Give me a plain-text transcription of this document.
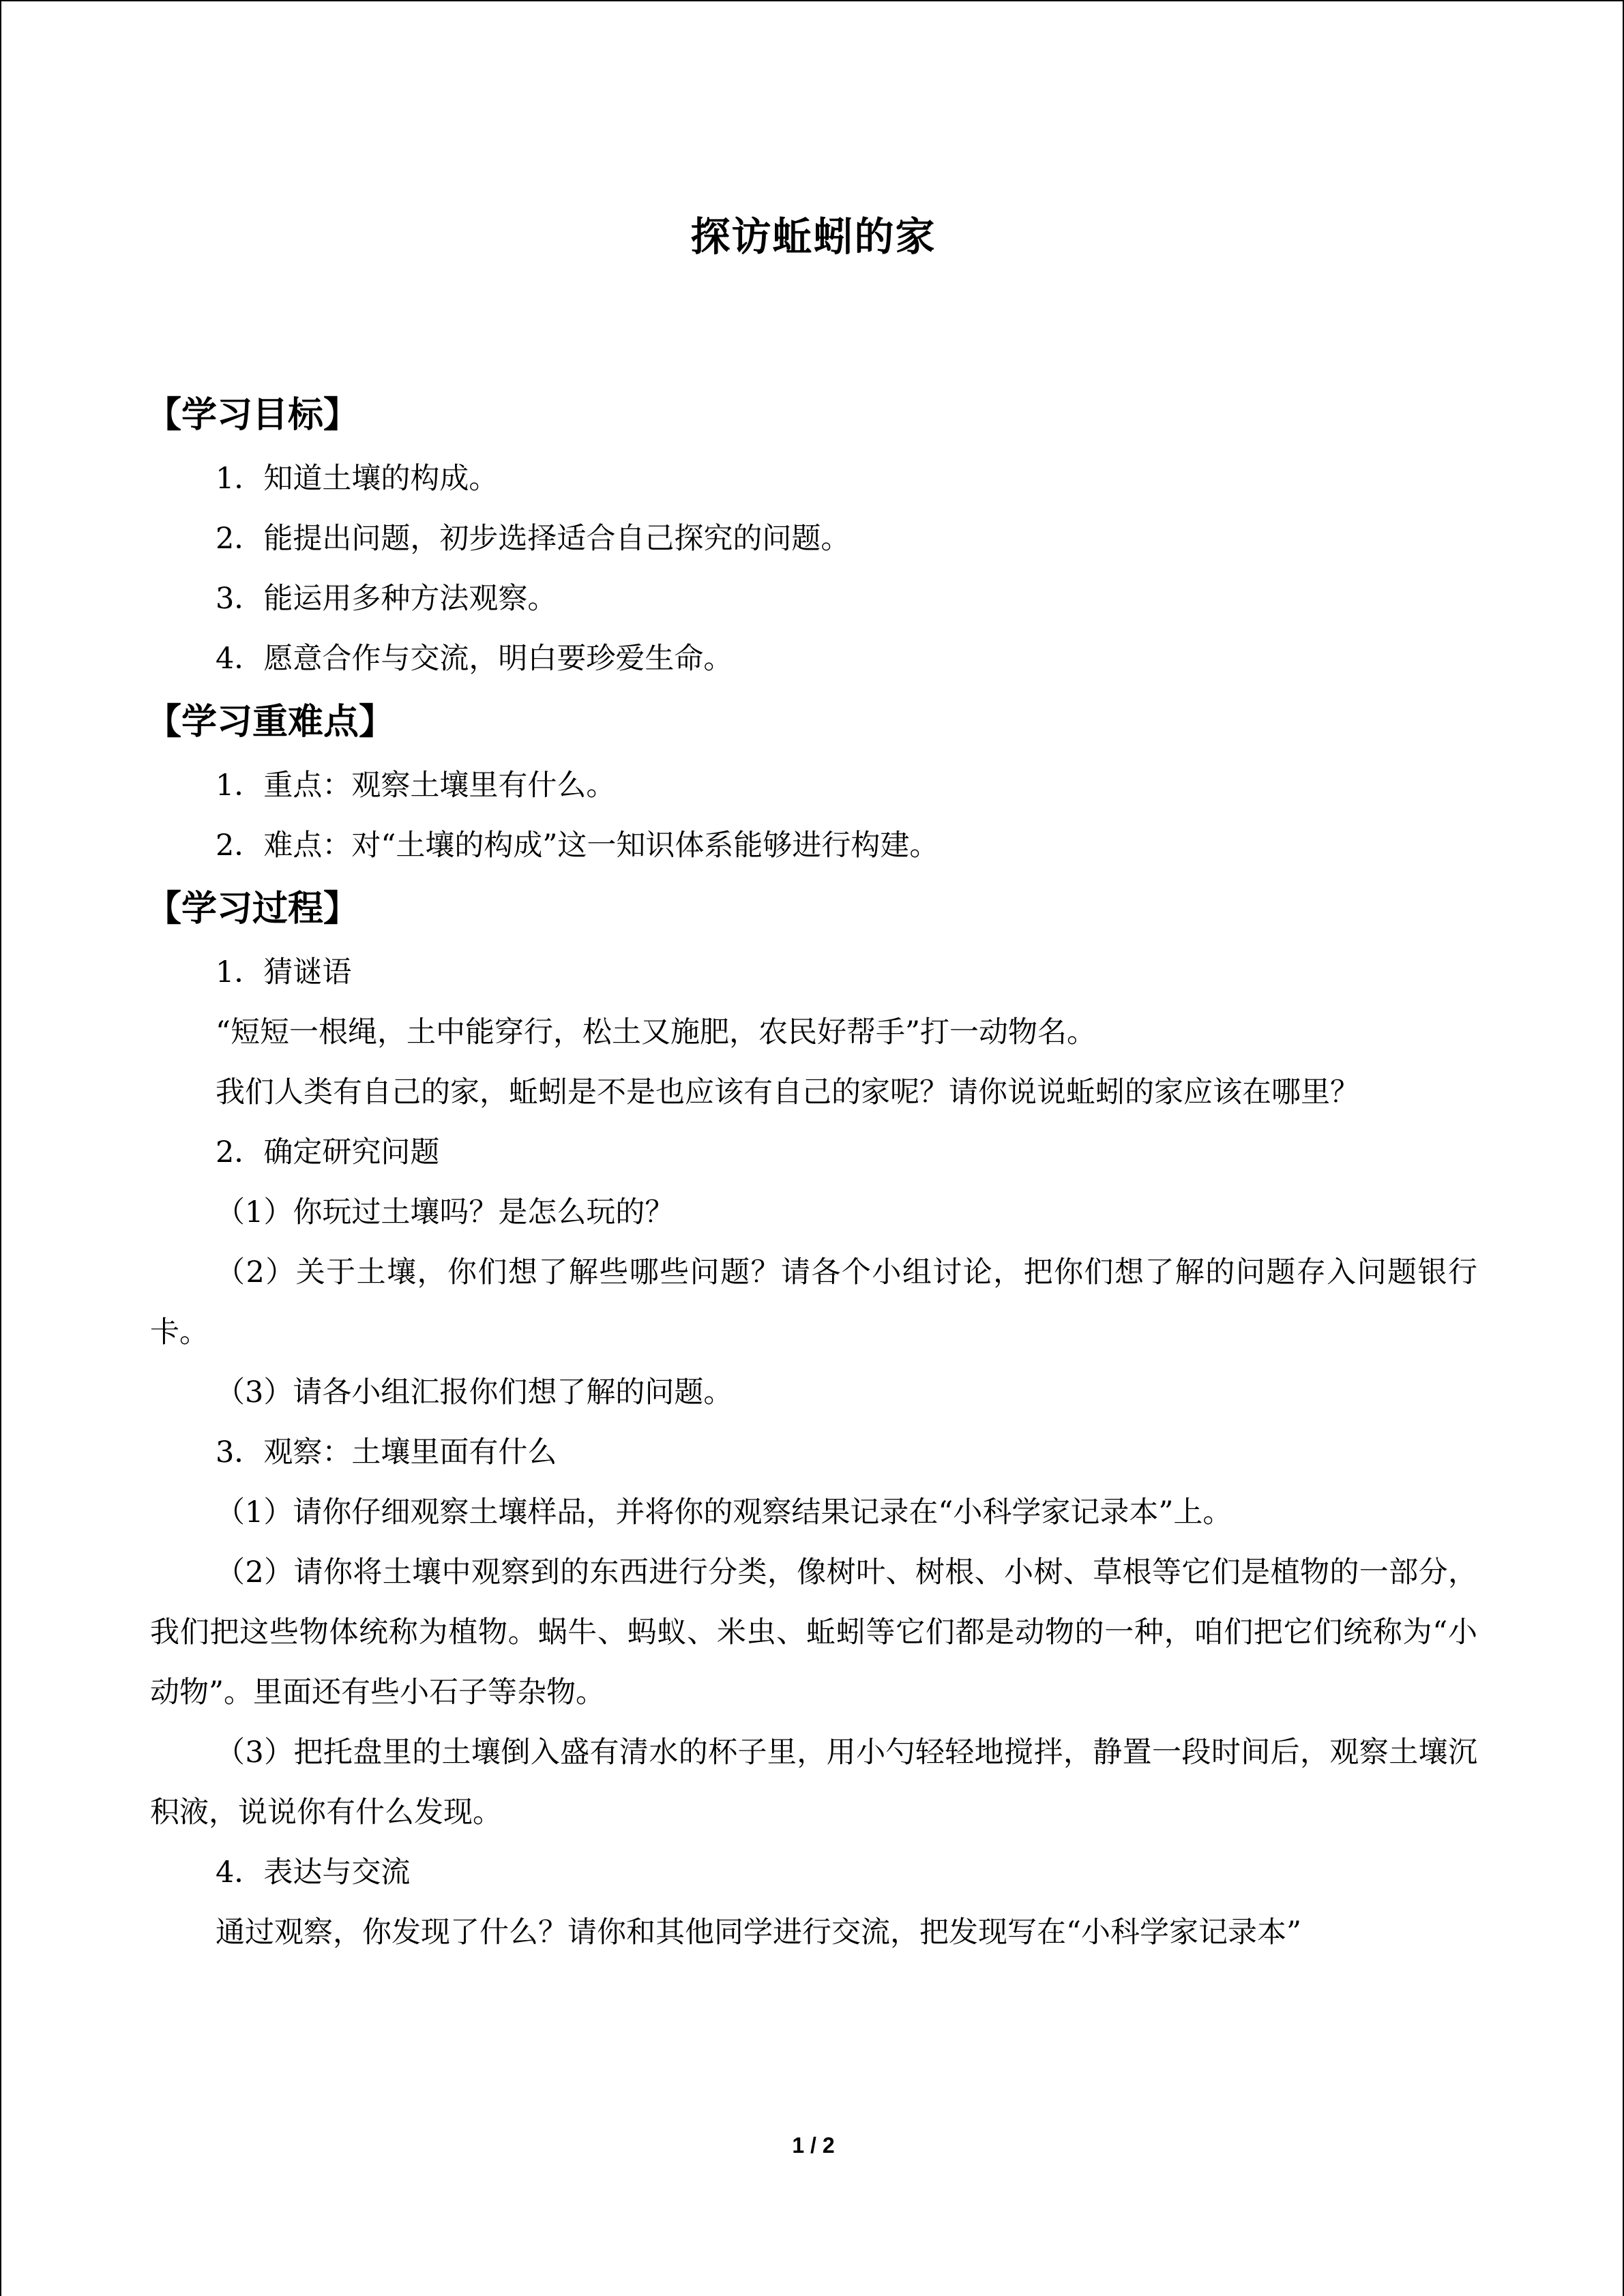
探访蚯蚓的家
【学习目标】
1．知道土壤的构成。
2．能提出问题，初步选择适合自己探究的问题。
3．能运用多种方法观察。
4．愿意合作与交流，明白要珍爱生命。
【学习重难点】
1．重点：观察土壤里有什么。
2．难点：对“土壤的构成”这一知识体系能够进行构建。
【学习过程】
1．猜谜语
“短短一根绳，土中能穿行，松土又施肥，农民好帮手”打一动物名。
我们人类有自己的家，蚯蚓是不是也应该有自己的家呢？请你说说蚯蚓的家应该在哪里？
2．确定研究问题
（1）你玩过土壤吗？是怎么玩的？
（2）关于土壤，你们想了解些哪些问题？请各个小组讨论，把你们想了解的问题存入问题银行卡。
（3）请各小组汇报你们想了解的问题。
3．观察：土壤里面有什么
（1）请你仔细观察土壤样品，并将你的观察结果记录在“小科学家记录本”上。
（2）请你将土壤中观察到的东西进行分类，像树叶、树根、小树、草根等它们是植物的一部分，我们把这些物体统称为植物。蜗牛、蚂蚁、米虫、蚯蚓等它们都是动物的一种，咱们把它们统称为“小动物”。里面还有些小石子等杂物。
（3）把托盘里的土壤倒入盛有清水的杯子里，用小勺轻轻地搅拌，静置一段时间后，观察土壤沉积液，说说你有什么发现。
4．表达与交流
通过观察，你发现了什么？请你和其他同学进行交流，把发现写在“小科学家记录本”
1 / 2
